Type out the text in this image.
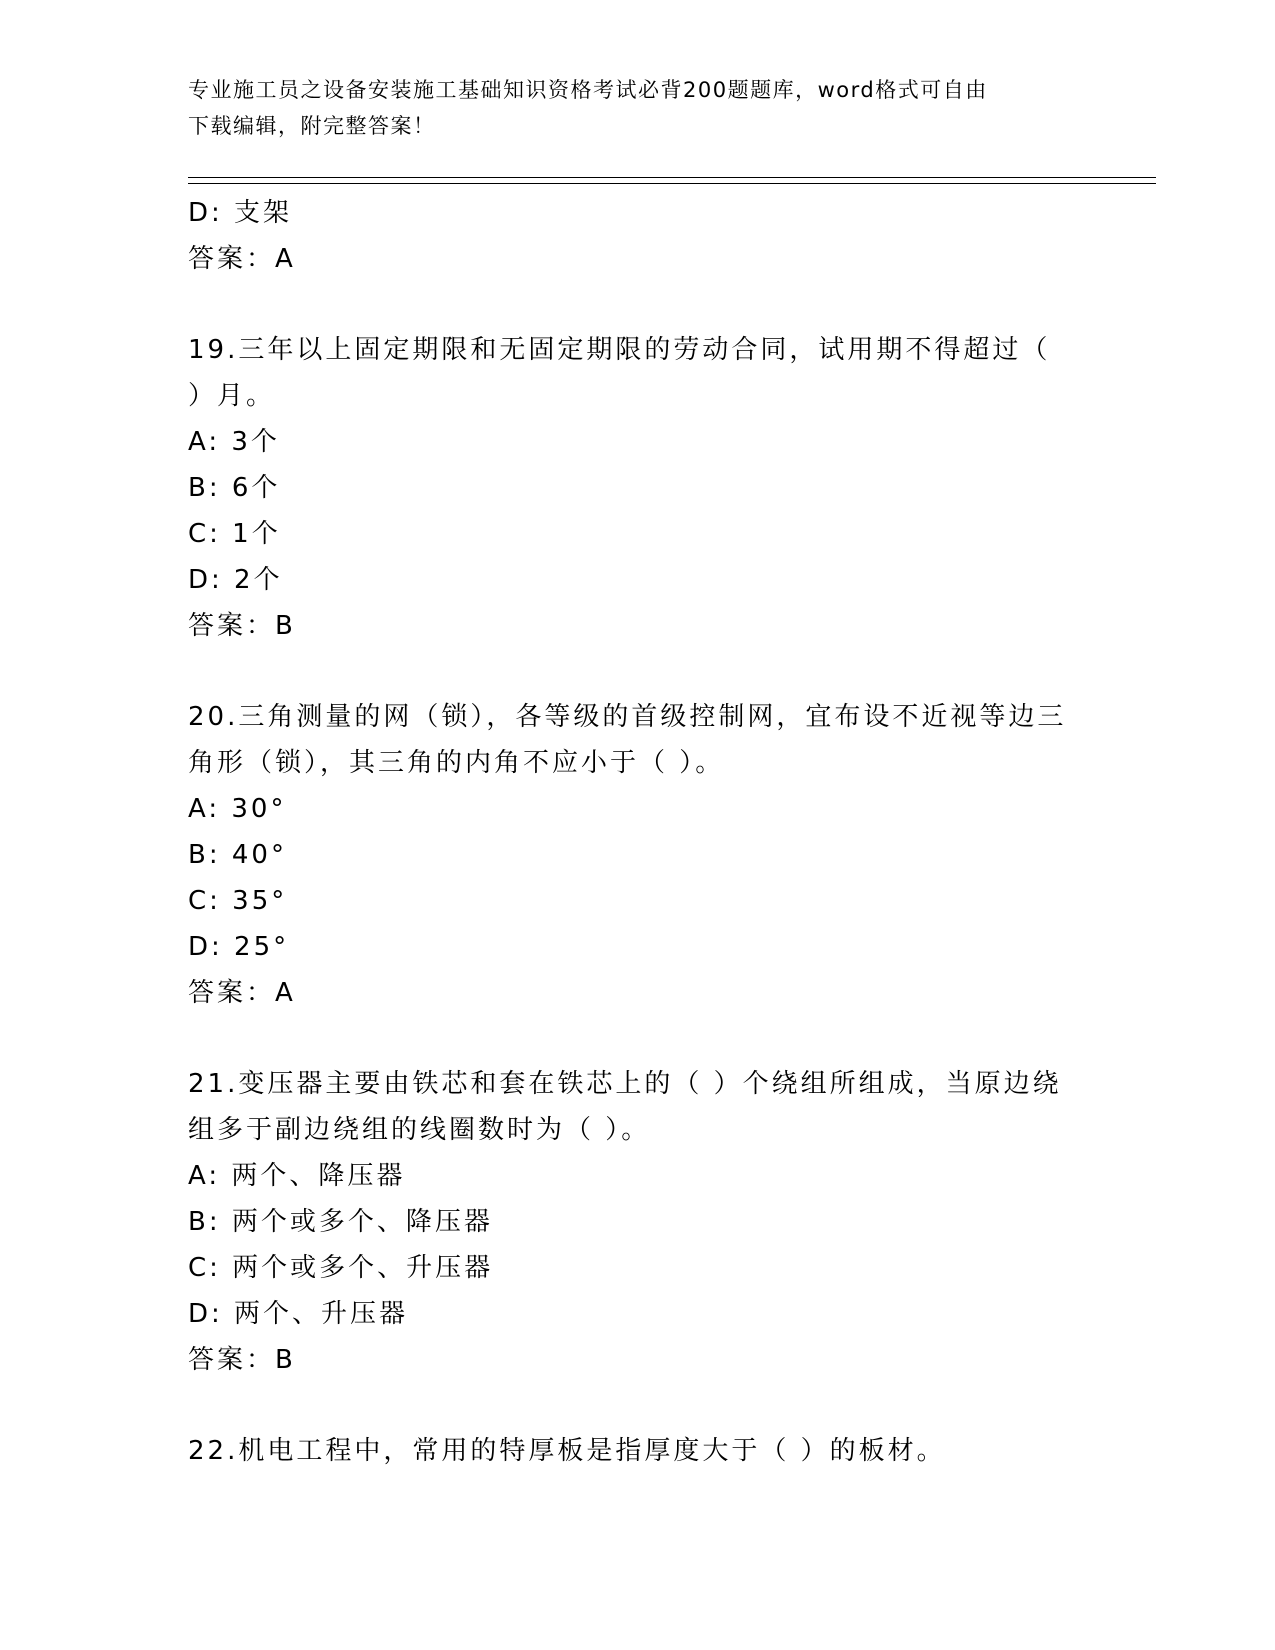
专业施工员之设备安装施工基础知识资格考试必背200题题库，word格式可自由
下载编辑，附完整答案！
D: 支架
答案：A
19.三年以上固定期限和无固定期限的劳动合同，试用期不得超过（
）月。
A: 3个
B: 6个
C: 1个
D: 2个
答案：B
20.三角测量的网（锁），各等级的首级控制网，宜布设不近视等边三
角形（锁），其三角的内角不应小于（ ）。
A: 30°
B: 40°
C: 35°
D: 25°
答案：A
21.变压器主要由铁芯和套在铁芯上的（ ）个绕组所组成，当原边绕
组多于副边绕组的线圈数时为（ ）。
A: 两个、降压器
B: 两个或多个、降压器
C: 两个或多个、升压器
D: 两个、升压器
答案：B
22.机电工程中，常用的特厚板是指厚度大于（ ）的板材。
